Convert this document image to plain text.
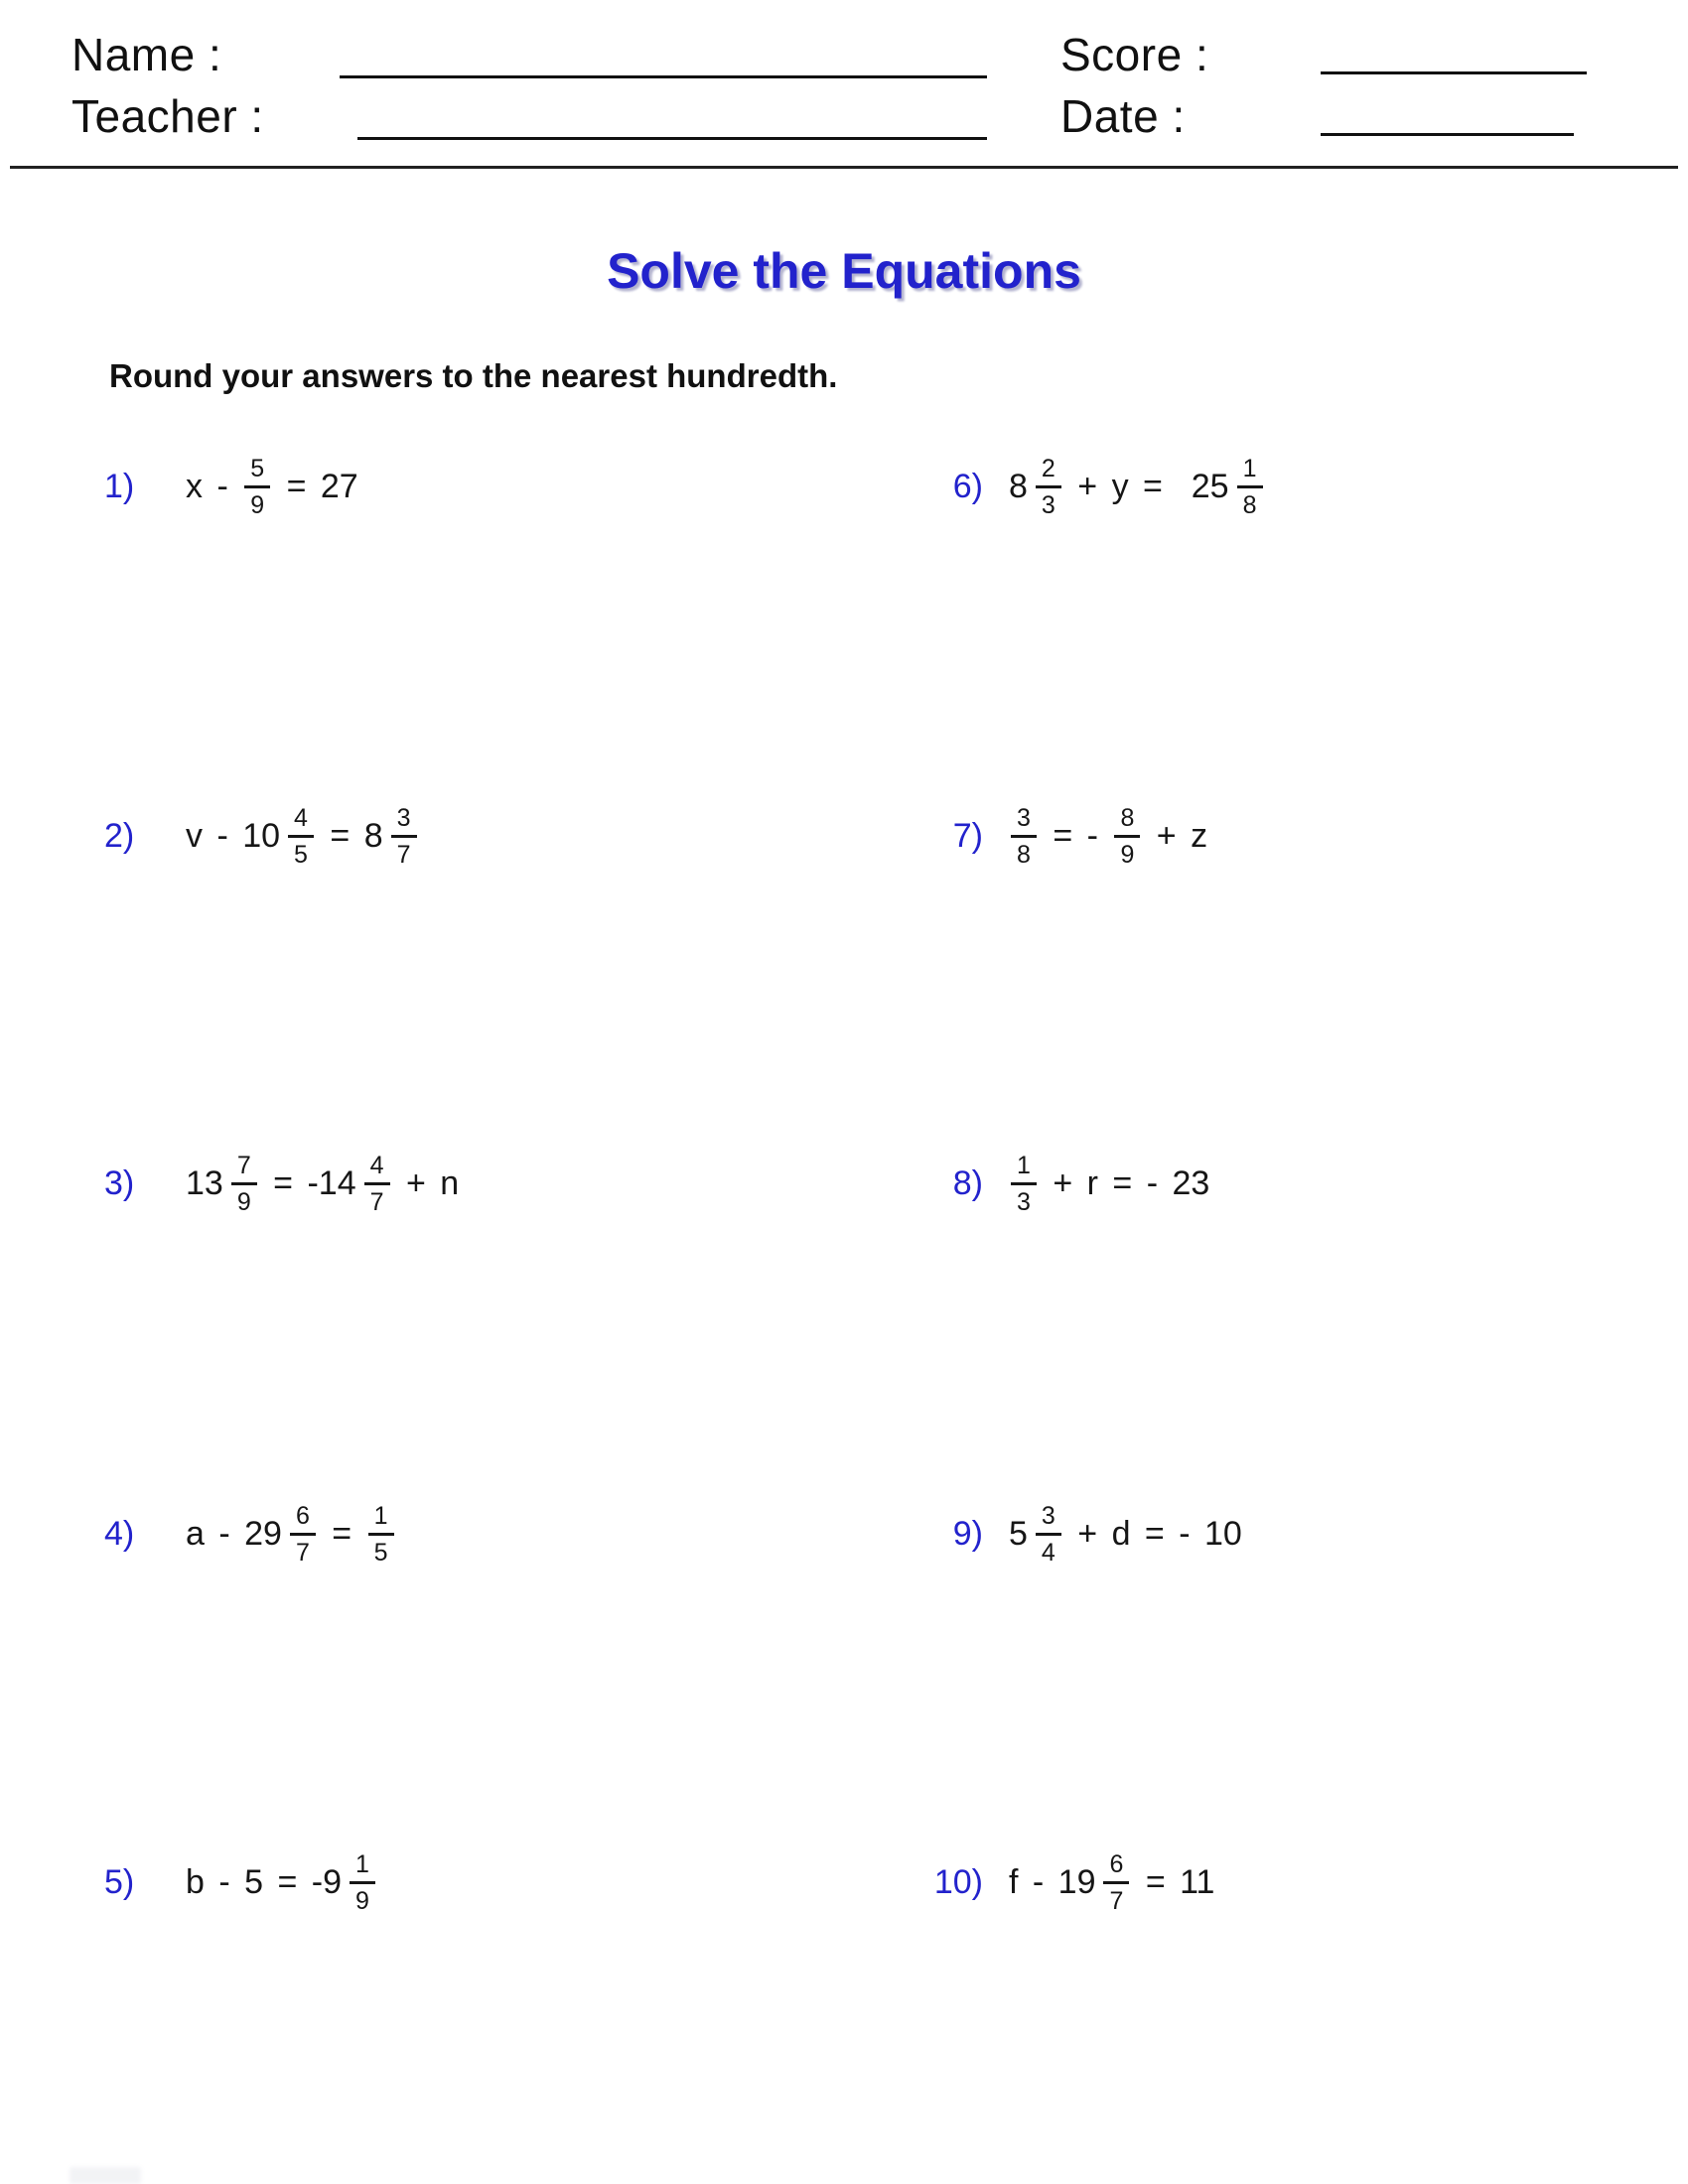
Name :	Score :
Teacher :	Date :
Solve the Equations
Round your answers to the nearest hundredth.
1)	$x - \frac{5}{9} = 27$
2)	$v - 10 \frac{4}{5} = 8 \frac{3}{7}$
3)	$13 \frac{7}{9} = -14 \frac{4}{7} + n$
4)	$a - 29 \frac{6}{7} = \frac{1}{5}$
5)	$b - 5 = -9 \frac{1}{9}$
6) $8 \frac{2}{3} + y = 25 \frac{1}{8}$
$7) \frac{3}{8}$ = - $\frac{8}{9} + z$
$8) \frac{1}{3} + r$ = - 23
9) $5 \frac{3}{4} + d$ = - 10
10) $f - 19 \frac{6}{7} = 11$
